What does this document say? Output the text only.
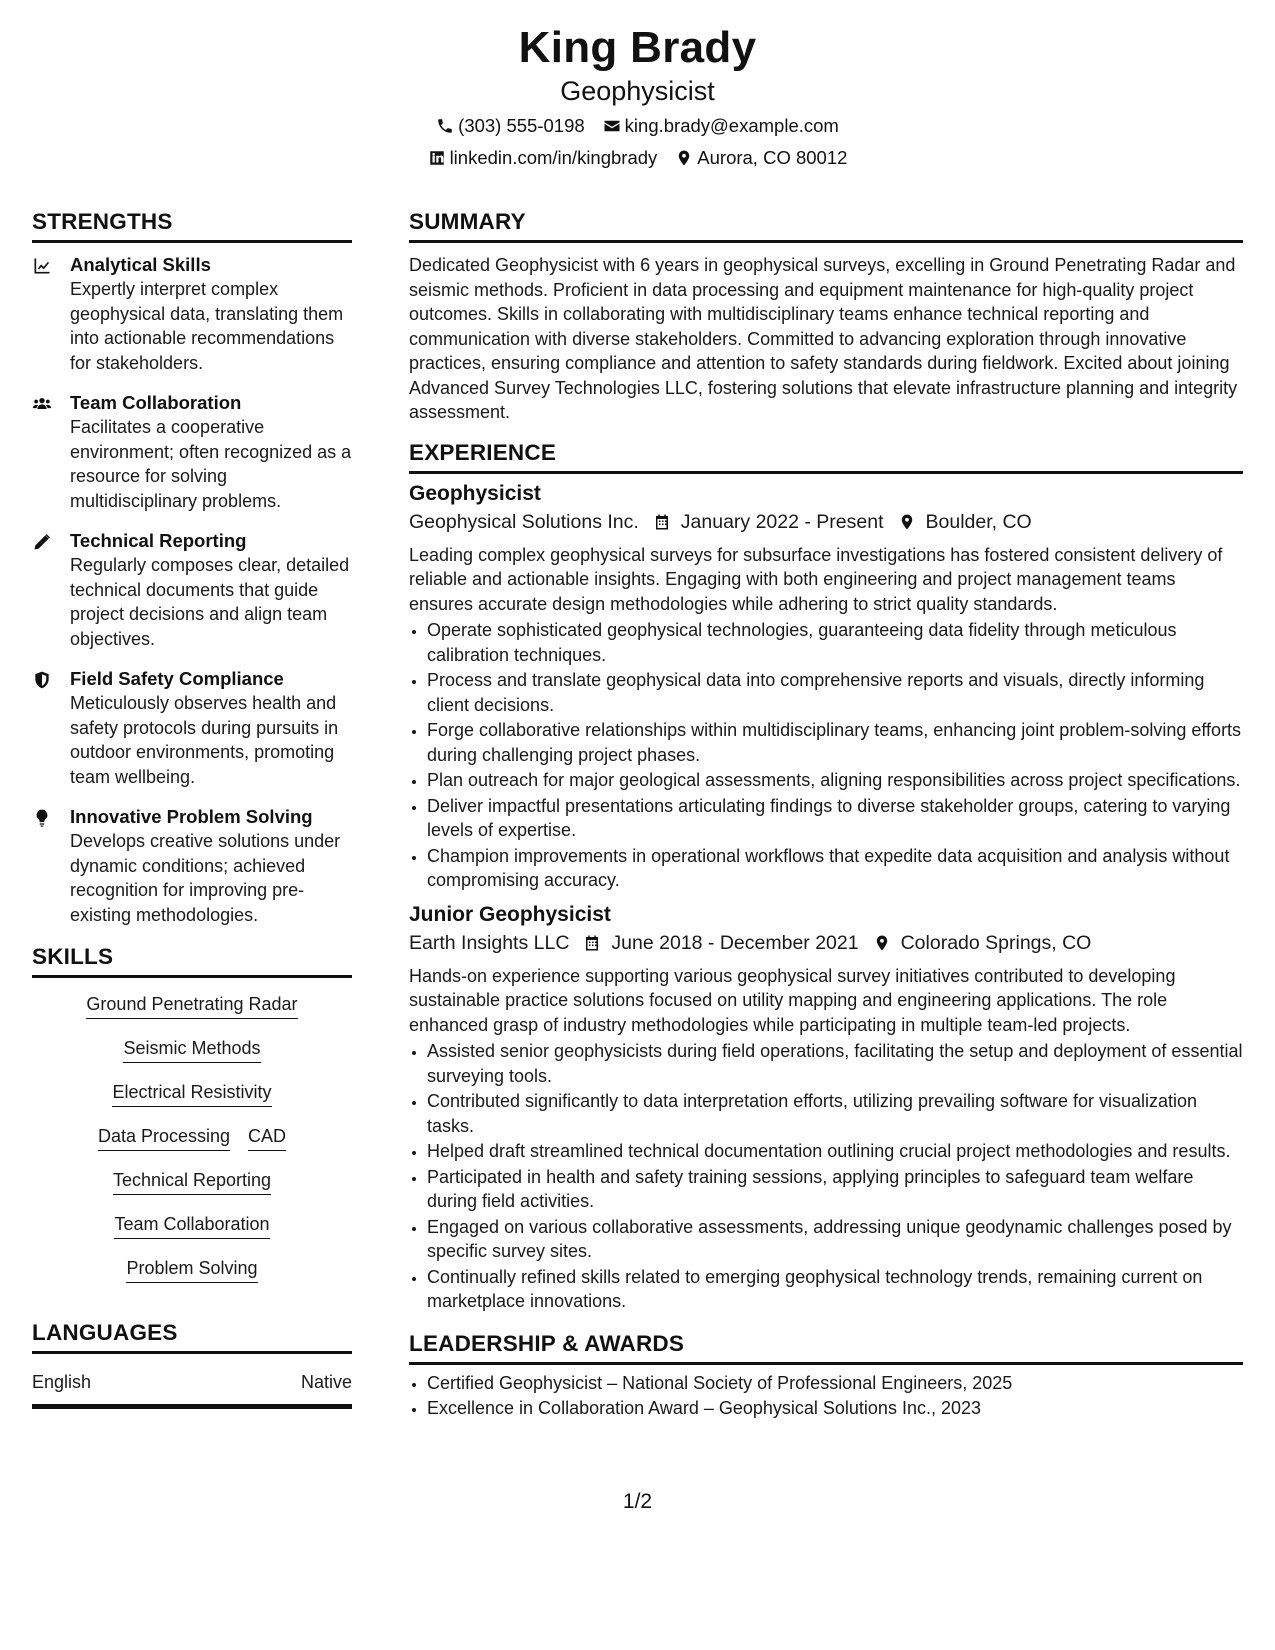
King Brady
Geophysicist
(303) 555-0198 king.brady@example.com
linkedin.com/in/kingbrady Aurora, CO 80012
STRENGTHS
Analytical Skills
Expertly interpret complex geophysical data, translating them into actionable recommendations for stakeholders.
Team Collaboration
Facilitates a cooperative environment; often recognized as a resource for solving multidisciplinary problems.
Technical Reporting
Regularly composes clear, detailed technical documents that guide project decisions and align team objectives.
Field Safety Compliance
Meticulously observes health and safety protocols during pursuits in outdoor environments, promoting team wellbeing.
Innovative Problem Solving
Develops creative solutions under dynamic conditions; achieved recognition for improving pre-existing methodologies.
SKILLS
Ground Penetrating Radar
Seismic Methods
Electrical Resistivity
Data Processing CAD
Technical Reporting
Team Collaboration
Problem Solving
LANGUAGES
English	Native
SUMMARY
Dedicated Geophysicist with 6 years in geophysical surveys, excelling in Ground Penetrating Radar and seismic methods. Proficient in data processing and equipment maintenance for high-quality project outcomes. Skills in collaborating with multidisciplinary teams enhance technical reporting and communication with diverse stakeholders. Committed to advancing exploration through innovative practices, ensuring compliance and attention to safety standards during fieldwork. Excited about joining Advanced Survey Technologies LLC, fostering solutions that elevate infrastructure planning and integrity assessment.
EXPERIENCE
Geophysicist
Geophysical Solutions Inc. January 2022 - Present Boulder, CO
Leading complex geophysical surveys for subsurface investigations has fostered consistent delivery of reliable and actionable insights. Engaging with both engineering and project management teams ensures accurate design methodologies while adhering to strict quality standards.
• Operate sophisticated geophysical technologies, guaranteeing data fidelity through meticulous calibration techniques.
• Process and translate geophysical data into comprehensive reports and visuals, directly informing client decisions.
• Forge collaborative relationships within multidisciplinary teams, enhancing joint problem-solving efforts during challenging project phases.
• Plan outreach for major geological assessments, aligning responsibilities across project specifications.
• Deliver impactful presentations articulating findings to diverse stakeholder groups, catering to varying levels of expertise.
• Champion improvements in operational workflows that expedite data acquisition and analysis without compromising accuracy.
Junior Geophysicist
Earth Insights LLC June 2018 - December 2021 Colorado Springs, CO
Hands-on experience supporting various geophysical survey initiatives contributed to developing sustainable practice solutions focused on utility mapping and engineering applications. The role enhanced grasp of industry methodologies while participating in multiple team-led projects.
• Assisted senior geophysicists during field operations, facilitating the setup and deployment of essential surveying tools.
• Contributed significantly to data interpretation efforts, utilizing prevailing software for visualization tasks.
• Helped draft streamlined technical documentation outlining crucial project methodologies and results.
• Participated in health and safety training sessions, applying principles to safeguard team welfare during field activities.
• Engaged on various collaborative assessments, addressing unique geodynamic challenges posed by specific survey sites.
• Continually refined skills related to emerging geophysical technology trends, remaining current on marketplace innovations.
LEADERSHIP & AWARDS
• Certified Geophysicist – National Society of Professional Engineers, 2025
• Excellence in Collaboration Award – Geophysical Solutions Inc., 2023
1/2
